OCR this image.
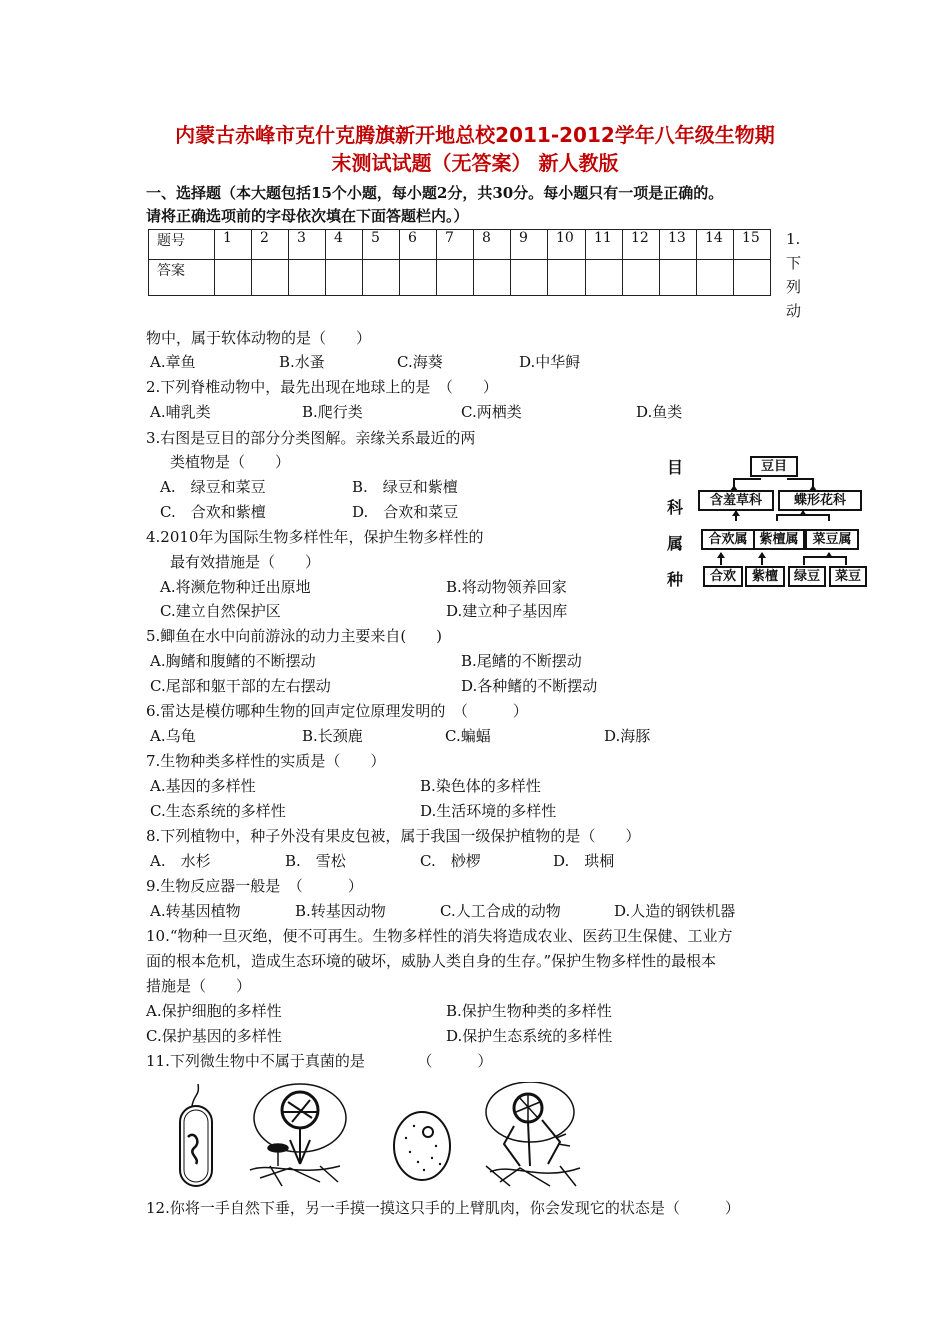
内蒙古赤峰市克什克腾旗新开地总校2011-2012学年八年级生物期
末测试试题（无答案） 新人教版
一、选择题（本大题包括15个小题，每小题2分，共30分。每小题只有一项是正确的。
请将正确选项前的字母依次填在下面答题栏内。）
题号	1	2	3	4	5	6	7	8	9	10	11	12	13	14	15
答案															
1.
下
列
动
物中，属于软体动物的是（　　）
A.章鱼	B.水蚤	C.海葵	D.中华鲟
2.下列脊椎动物中，最先出现在地球上的是　（　　）
A.哺乳类	B.爬行类	C.两栖类	D.鱼类
3.右图是豆目的部分分类图解。亲缘关系最近的两
类植物是（　　）
A.　绿豆和菜豆	B.　绿豆和紫檀
C.　合欢和紫檀	D.　合欢和菜豆
目
科
属
种
豆目
含羞草科	蝶形花科
合欢属 紫檀属	菜豆属
合欢	紫檀	绿豆	菜豆
4.2010年为国际生物多样性年，保护生物多样性的
最有效措施是（　　）
A.将濒危物种迁出原地	B.将动物领养回家
C.建立自然保护区	D.建立种子基因库
5.鲫鱼在水中向前游泳的动力主要来自(　　)
A.胸鳍和腹鳍的不断摆动	B.尾鳍的不断摆动
C.尾部和躯干部的左右摆动	D.各种鳍的不断摆动
6.雷达是模仿哪种生物的回声定位原理发明的　（　　　）
A.乌龟	B.长颈鹿	C.蝙蝠	D.海豚
7.生物种类多样性的实质是（　　）
A.基因的多样性	B.染色体的多样性
C.生态系统的多样性	D.生活环境的多样性
8.下列植物中，种子外没有果皮包被，属于我国一级保护植物的是（　　）
A.　水杉	B.　雪松	C.　桫椤	D.　珙桐
9.生物反应器一般是　（　　　）
A.转基因植物	B.转基因动物	C.人工合成的动物	D.人造的钢铁机器
10.“物种一旦灭绝，便不可再生。生物多样性的消失将造成农业、医药卫生保健、工业方
面的根本危机，造成生态环境的破坏，威胁人类自身的生存。”保护生物多样性的最根本
措施是（　　）
A.保护细胞的多样性	B.保护生物种类的多样性
C.保护基因的多样性	D.保护生态系统的多样性
11.下列微生物中不属于真菌的是　　　　（　　　）
12.你将一手自然下垂，另一手摸一摸这只手的上臂肌肉，你会发现它的状态是（　　　）
